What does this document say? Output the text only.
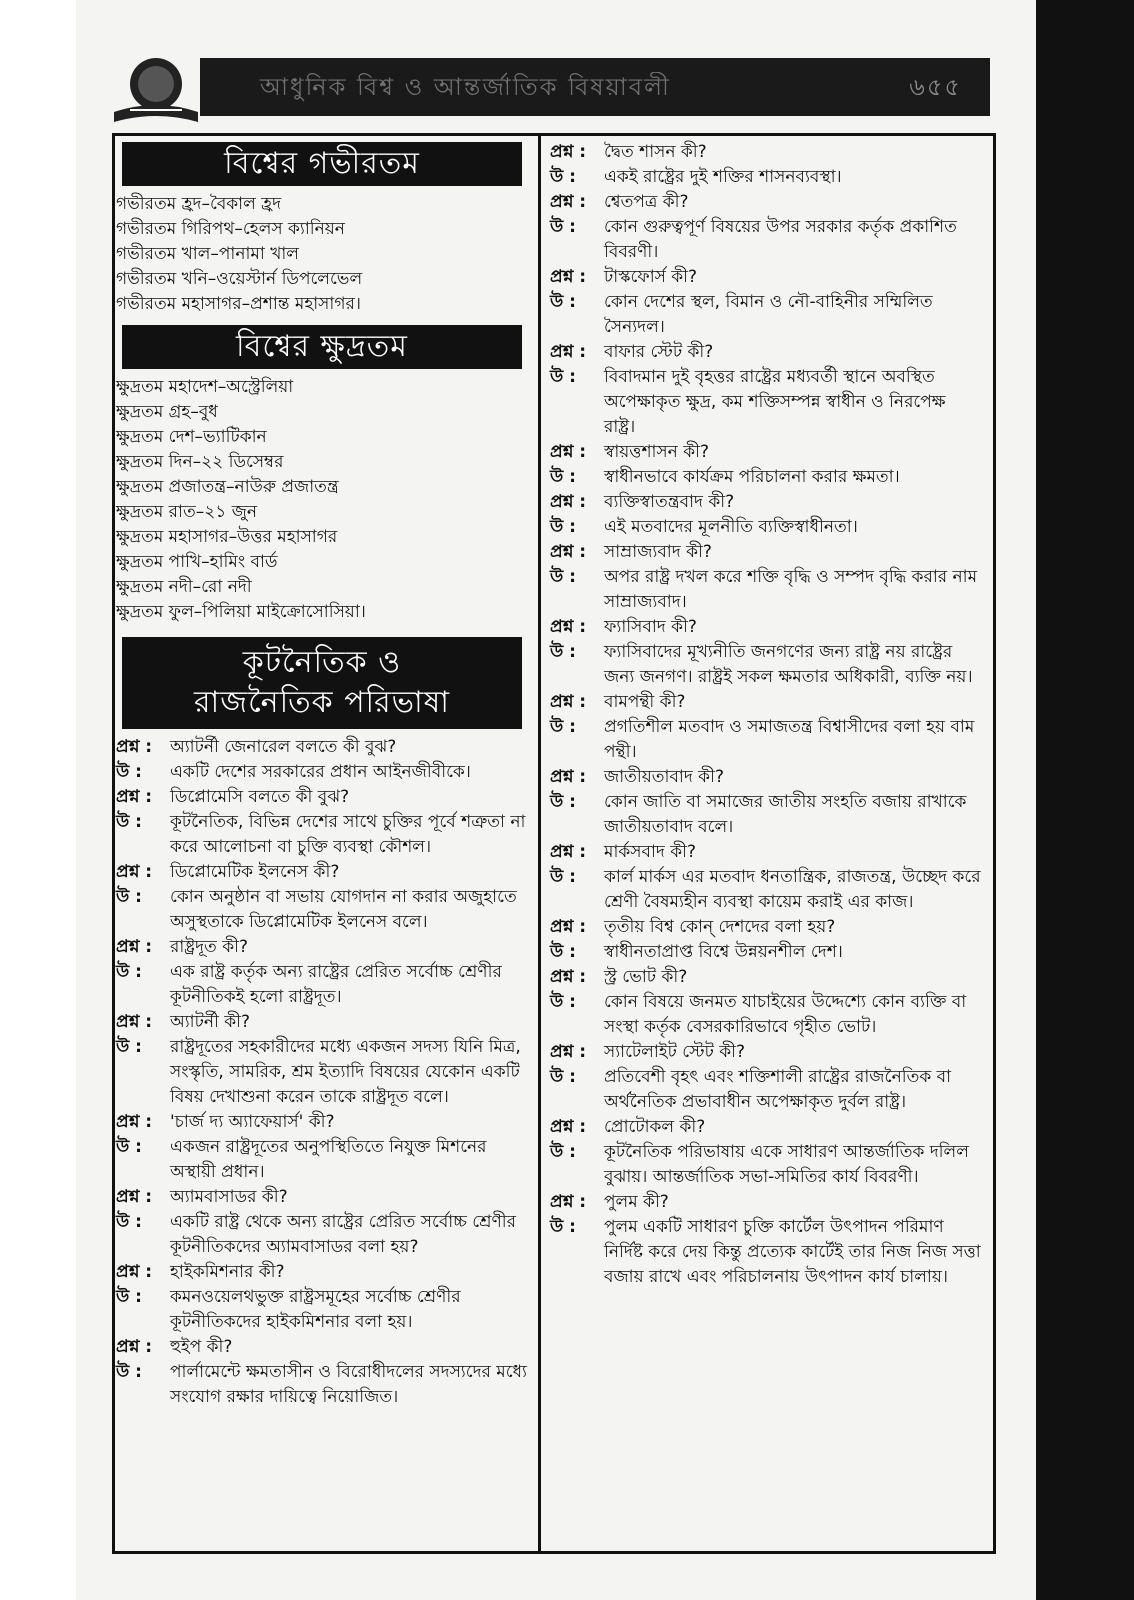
আধুনিক বিশ্ব ও আন্তর্জাতিক বিষয়াবলী	৬৫৫
বিশ্বের গভীরতম
গভীরতম হ্রদ–বৈকাল হ্রদ
গভীরতম গিরিপথ–হেলস ক্যানিয়ন
গভীরতম খাল–পানামা খাল
গভীরতম খনি–ওয়েস্টার্ন ডিপলেভেল
গভীরতম মহাসাগর–প্রশান্ত মহাসাগর।
বিশ্বের ক্ষুদ্রতম
ক্ষুদ্রতম মহাদেশ–অস্ট্রেলিয়া
ক্ষুদ্রতম গ্রহ–বুধ
ক্ষুদ্রতম দেশ–ভ্যাটিকান
ক্ষুদ্রতম দিন–২২ ডিসেম্বর
ক্ষুদ্রতম প্রজাতন্ত্র–নাউরু প্রজাতন্ত্র
ক্ষুদ্রতম রাত–২১ জুন
ক্ষুদ্রতম মহাসাগর–উত্তর মহাসাগর
ক্ষুদ্রতম পাখি–হামিং বার্ড
ক্ষুদ্রতম নদী–রো নদী
ক্ষুদ্রতম ফুল–পিলিয়া মাইক্রোসোসিয়া।
কূটনৈতিক ও
রাজনৈতিক পরিভাষা
প্রশ্ন :	অ্যাটর্নী জেনারেল বলতে কী বুঝ?
উ :	একটি দেশের সরকারের প্রধান আইনজীবীকে।
প্রশ্ন :	ডিপ্লোমেসি বলতে কী বুঝ?
উ :	কূটনৈতিক, বিভিন্ন দেশের সাথে চুক্তির পূর্বে শত্রুতা না করে আলোচনা বা চুক্তি ব্যবস্থা কৌশল।
প্রশ্ন :	ডিপ্লোমেটিক ইলনেস কী?
উ :	কোন অনুষ্ঠান বা সভায় যোগদান না করার অজুহাতে অসুস্থতাকে ডিপ্লোমেটিক ইলনেস বলে।
প্রশ্ন :	রাষ্ট্রদূত কী?
উ :	এক রাষ্ট্র কর্তৃক অন্য রাষ্ট্রের প্রেরিত সর্বোচ্চ শ্রেণীর কূটনীতিকই হলো রাষ্ট্রদূত।
প্রশ্ন :	অ্যাটর্নী কী?
উ :	রাষ্ট্রদূতের সহকারীদের মধ্যে একজন সদস্য যিনি মিত্র, সংস্কৃতি, সামরিক, শ্রম ইত্যাদি বিষয়ের যেকোন একটি বিষয় দেখাশুনা করেন তাকে রাষ্ট্রদূত বলে।
প্রশ্ন :	'চার্জ দ্য অ্যাফেয়ার্স' কী?
উ :	একজন রাষ্ট্রদূতের অনুপস্থিতিতে নিযুক্ত মিশনের অস্থায়ী প্রধান।
প্রশ্ন :	অ্যামবাসাডর কী?
উ :	একটি রাষ্ট্র থেকে অন্য রাষ্ট্রের প্রেরিত সর্বোচ্চ শ্রেণীর কূটনীতিকদের অ্যামবাসাডর বলা হয়?
প্রশ্ন :	হাইকমিশনার কী?
উ :	কমনওয়েলথভুক্ত রাষ্ট্রসমূহের সর্বোচ্চ শ্রেণীর কূটনীতিকদের হাইকমিশনার বলা হয়।
প্রশ্ন :	হুইপ কী?
উ :	পার্লামেন্টে ক্ষমতাসীন ও বিরোধীদলের সদস্যদের মধ্যে সংযোগ রক্ষার দায়িত্বে নিয়োজিত।
প্রশ্ন :	দ্বৈত শাসন কী?
উ :	একই রাষ্ট্রের দুই শক্তির শাসনব্যবস্থা।
প্রশ্ন :	শ্বেতপত্র কী?
উ :	কোন গুরুত্বপূর্ণ বিষয়ের উপর সরকার কর্তৃক প্রকাশিত বিবরণী।
প্রশ্ন :	টাস্কফোর্স কী?
উ :	কোন দেশের স্থল, বিমান ও নৌ-বাহিনীর সম্মিলিত সৈন্যদল।
প্রশ্ন :	বাফার স্টেট কী?
উ :	বিবাদমান দুই বৃহত্তর রাষ্ট্রের মধ্যবর্তী স্থানে অবস্থিত অপেক্ষাকৃত ক্ষুদ্র, কম শক্তিসম্পন্ন স্বাধীন ও নিরপেক্ষ রাষ্ট্র।
প্রশ্ন :	স্বায়ত্তশাসন কী?
উ :	স্বাধীনভাবে কার্যক্রম পরিচালনা করার ক্ষমতা।
প্রশ্ন :	ব্যক্তিস্বাতন্ত্রবাদ কী?
উ :	এই মতবাদের মূলনীতি ব্যক্তিস্বাধীনতা।
প্রশ্ন :	সাম্রাজ্যবাদ কী?
উ :	অপর রাষ্ট্র দখল করে শক্তি বৃদ্ধি ও সম্পদ বৃদ্ধি করার নাম সাম্রাজ্যবাদ।
প্রশ্ন :	ফ্যাসিবাদ কী?
উ :	ফ্যাসিবাদের মূখ্যনীতি জনগণের জন্য রাষ্ট্র নয় রাষ্ট্রের জন্য জনগণ। রাষ্ট্রই সকল ক্ষমতার অধিকারী, ব্যক্তি নয়।
প্রশ্ন :	বামপন্থী কী?
উ :	প্রগতিশীল মতবাদ ও সমাজতন্ত্র বিশ্বাসীদের বলা হয় বাম পন্থী।
প্রশ্ন :	জাতীয়তাবাদ কী?
উ :	কোন জাতি বা সমাজের জাতীয় সংহতি বজায় রাখাকে জাতীয়তাবাদ বলে।
প্রশ্ন :	মার্কসবাদ কী?
উ :	কার্ল মার্কস এর মতবাদ ধনতান্ত্রিক, রাজতন্ত্র, উচ্ছেদ করে শ্রেণী বৈষম্যহীন ব্যবস্থা কায়েম করাই এর কাজ।
প্রশ্ন :	তৃতীয় বিশ্ব কোন্‌ দেশদের বলা হয়?
উ :	স্বাধীনতাপ্রাপ্ত বিশ্বে উন্নয়নশীল দেশ।
প্রশ্ন :	স্ট্র ভোট কী?
উ :	কোন বিষয়ে জনমত যাচাইয়ের উদ্দেশ্যে কোন ব্যক্তি বা সংস্থা কর্তৃক বেসরকারিভাবে গৃহীত ভোট।
প্রশ্ন :	স্যাটেলাইট স্টেট কী?
উ :	প্রতিবেশী বৃহৎ এবং শক্তিশালী রাষ্ট্রের রাজনৈতিক বা অর্থনৈতিক প্রভাবাধীন অপেক্ষাকৃত দুর্বল রাষ্ট্র।
প্রশ্ন :	প্রোটোকল কী?
উ :	কূটনৈতিক পরিভাষায় একে সাধারণ আন্তর্জাতিক দলিল বুঝায়। আন্তর্জাতিক সভা-সমিতির কার্য বিবরণী।
প্রশ্ন :	পুলম কী?
উ :	পুলম একটি সাধারণ চুক্তি কার্টেল উৎপাদন পরিমাণ নির্দিষ্ট করে দেয় কিন্তু প্রত্যেক কার্টেই তার নিজ নিজ সত্তা বজায় রাখে এবং পরিচালনায় উৎপাদন কার্য চালায়।
